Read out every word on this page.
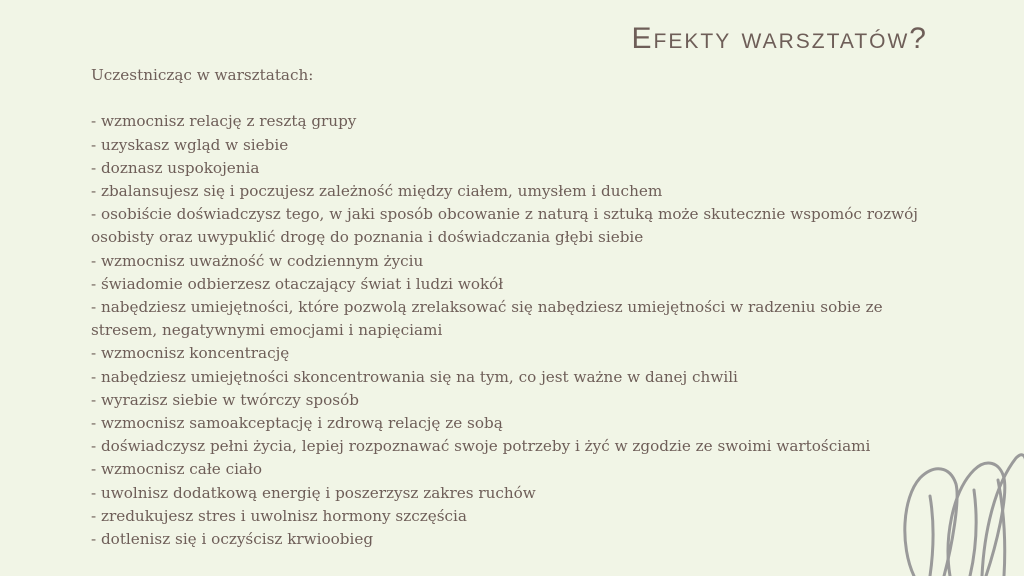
Efekty warsztatów?

Uczestnicząc w warsztatach:

- wzmocnisz relację z resztą grupy
- uzyskasz wgląd w siebie
- doznasz uspokojenia
- zbalansujesz się i poczujesz zależność między ciałem, umysłem i duchem
- osobiście doświadczysz tego, w jaki sposób obcowanie z naturą i sztuką może skutecznie wspomóc rozwój osobisty oraz uwypuklić drogę do poznania i doświadczania głębi siebie
- wzmocnisz uważność w codziennym życiu
- świadomie odbierzesz otaczający świat i ludzi wokół
- nabędziesz umiejętności, które pozwolą zrelaksować się nabędziesz umiejętności w radzeniu sobie ze stresem, negatywnymi emocjami i napięciami
- wzmocnisz koncentrację
- nabędziesz umiejętności skoncentrowania się na tym, co jest ważne w danej chwili
- wyrazisz siebie w twórczy sposób
- wzmocnisz samoakceptację i zdrową relację ze sobą
- doświadczysz pełni życia, lepiej rozpoznawać swoje potrzeby i żyć w zgodzie ze swoimi wartościami
- wzmocnisz całe ciało
- uwolnisz dodatkową energię i poszerzysz zakres ruchów
- zredukujesz stres i uwolnisz hormony szczęścia
- dotlenisz się i oczyścisz krwioobieg
